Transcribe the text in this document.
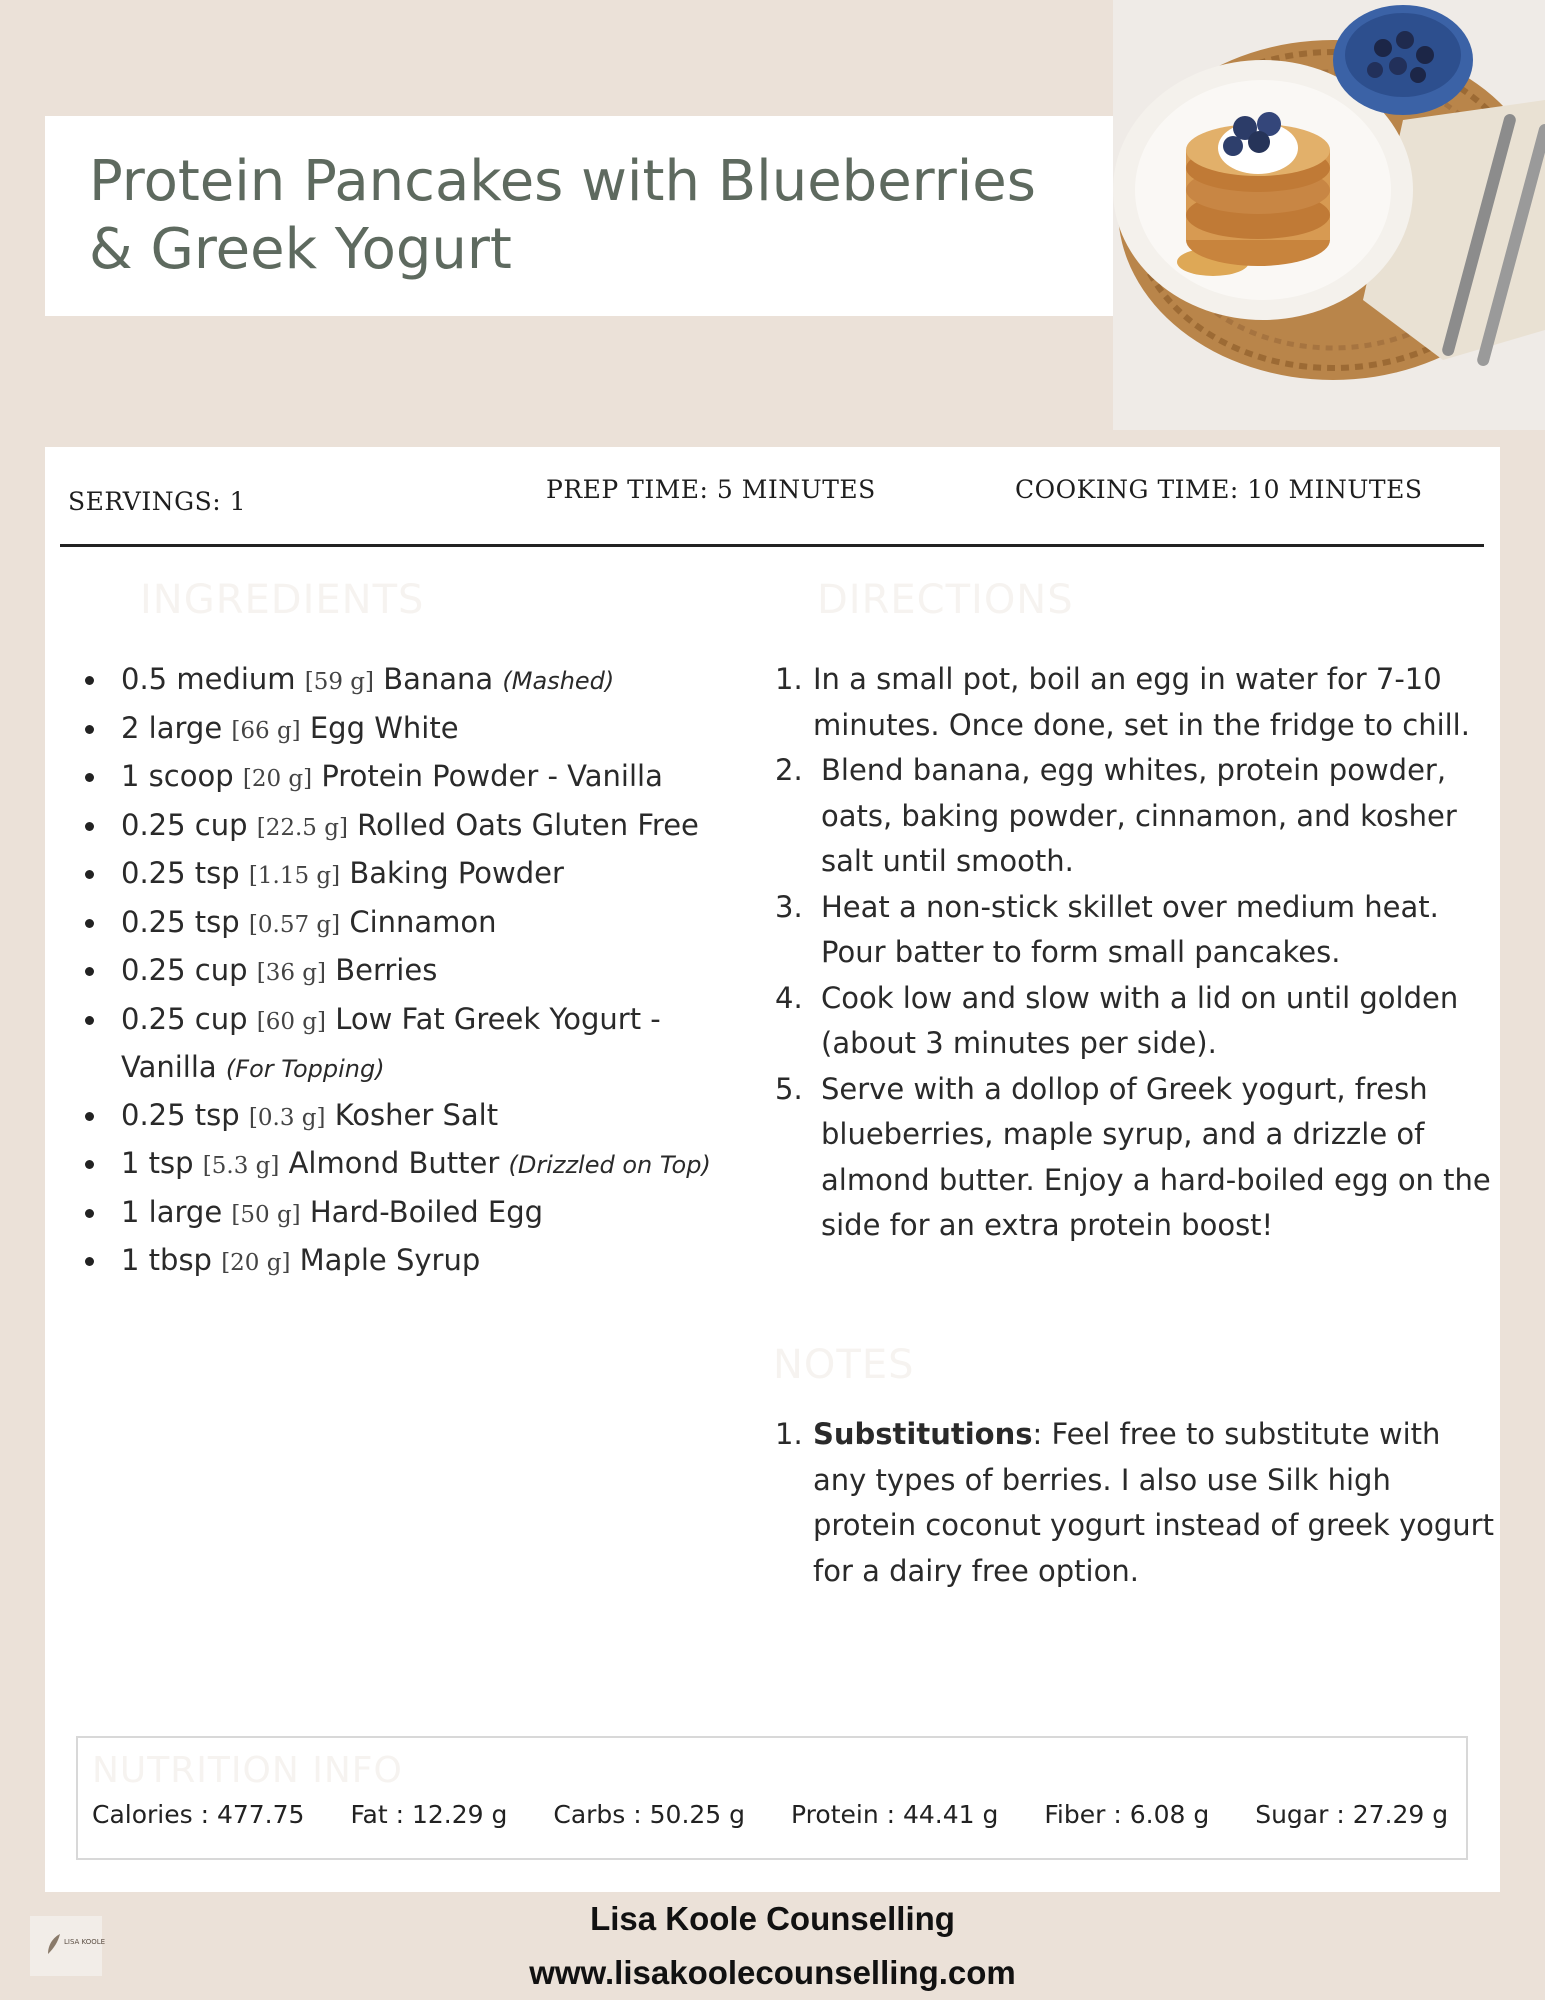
Protein Pancakes with Blueberries & Greek Yogurt
SERVINGS: 1	PREP TIME: 5 MINUTES	COOKING TIME: 10 MINUTES
INGREDIENTS	DIRECTIONS
0.5 medium [59 g] Banana (Mashed)
2 large [66 g] Egg White
1 scoop [20 g] Protein Powder - Vanilla
0.25 cup [22.5 g] Rolled Oats Gluten Free
0.25 tsp [1.15 g] Baking Powder
0.25 tsp [0.57 g] Cinnamon
0.25 cup [36 g] Berries
0.25 cup [60 g] Low Fat Greek Yogurt - Vanilla (For Topping)
0.25 tsp [0.3 g] Kosher Salt
1 tsp [5.3 g] Almond Butter (Drizzled on Top)
1 large [50 g] Hard-Boiled Egg
1 tbsp [20 g] Maple Syrup
1. In a small pot, boil an egg in water for 7-10 minutes. Once done, set in the fridge to chill.
2. Blend banana, egg whites, protein powder, oats, baking powder, cinnamon, and kosher salt until smooth.
3. Heat a non-stick skillet over medium heat. Pour batter to form small pancakes.
4. Cook low and slow with a lid on until golden (about 3 minutes per side).
5. Serve with a dollop of Greek yogurt, fresh blueberries, maple syrup, and a drizzle of almond butter. Enjoy a hard-boiled egg on the side for an extra protein boost!
NOTES
1. Substitutions: Feel free to substitute with any types of berries. I also use Silk high protein coconut yogurt instead of greek yogurt for a dairy free option.
NUTRITION INFO
Calories : 477.75 Fat : 12.29 g Carbs : 50.25 g Protein : 44.41 g Fiber : 6.08 g Sugar : 27.29 g
LISA KOOLE
Lisa Koole Counselling
www.lisakoolecounselling.com
